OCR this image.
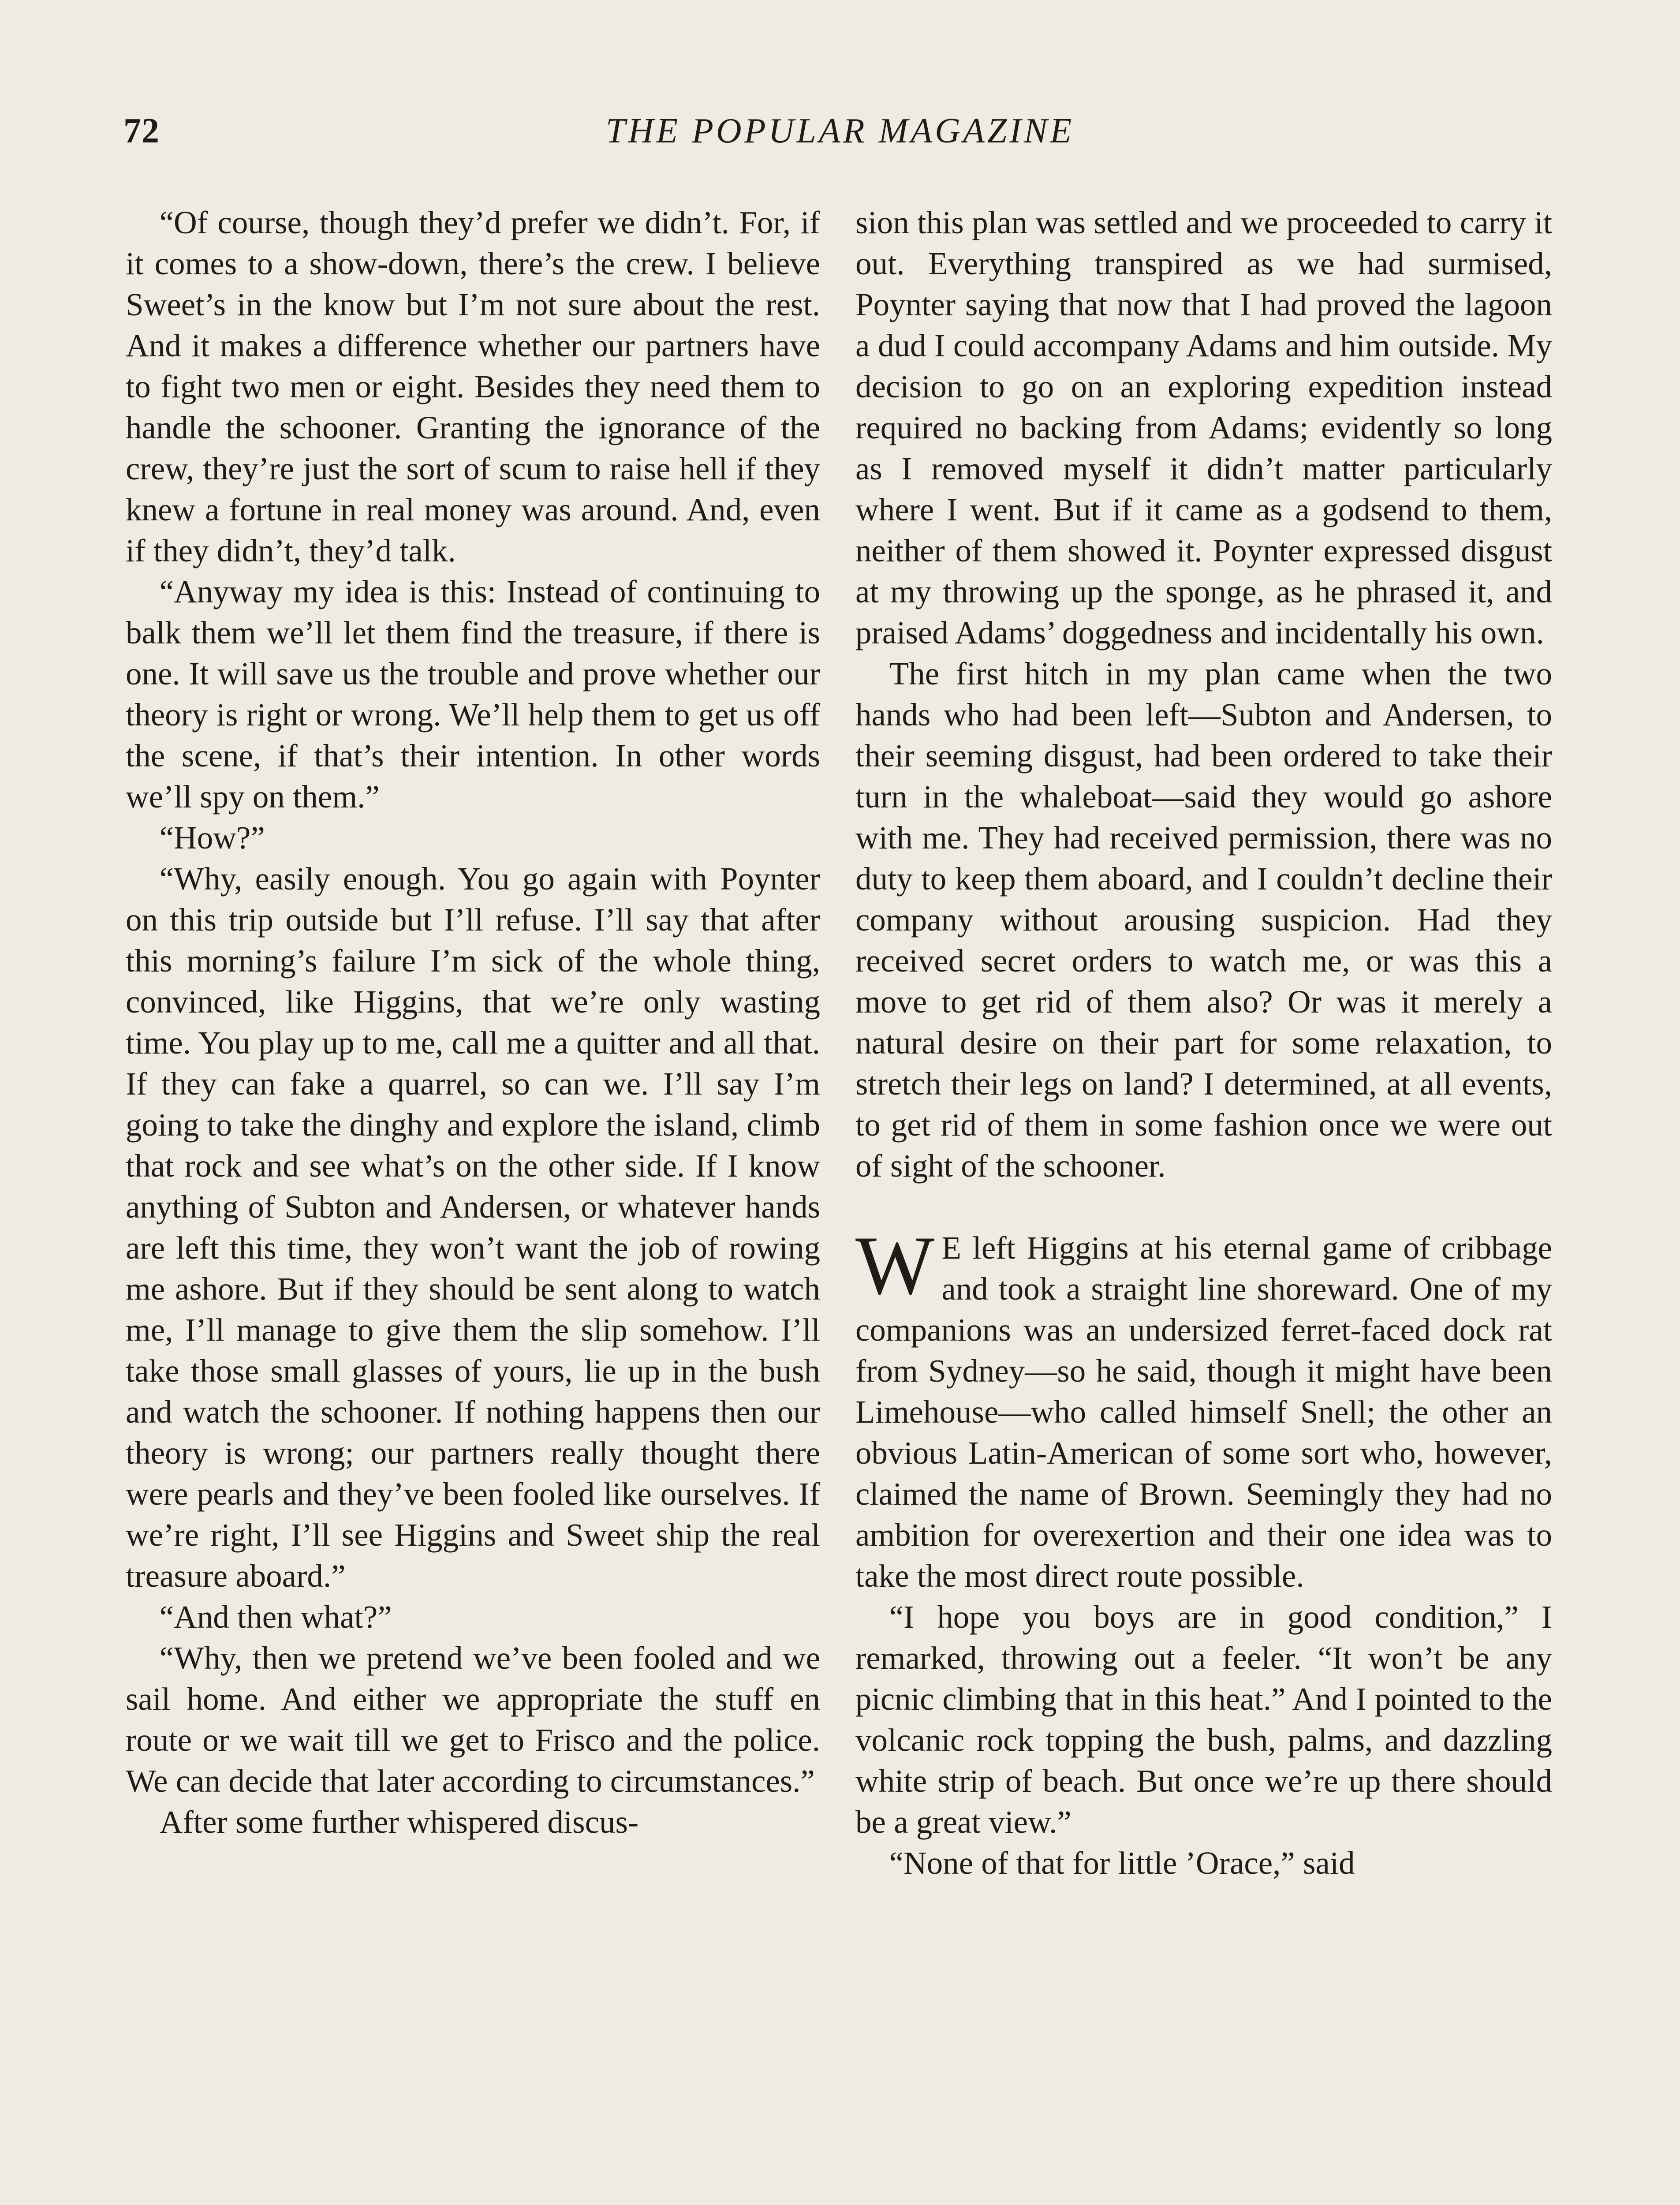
72	THE POPULAR MAGAZINE

“Of course, though they’d prefer we didn’t. For, if it comes to a show-down, there’s the crew. I believe Sweet’s in the know but I’m not sure about the rest. And it makes a difference whether our partners have to fight two men or eight. Besides they need them to handle the schooner. Granting the ignorance of the crew, they’re just the sort of scum to raise hell if they knew a fortune in real money was around. And, even if they didn’t, they’d talk.

“Anyway my idea is this: Instead of continuing to balk them we’ll let them find the treasure, if there is one. It will save us the trouble and prove whether our theory is right or wrong. We’ll help them to get us off the scene, if that’s their intention. In other words we’ll spy on them.”

“How?”

“Why, easily enough. You go again with Poynter on this trip outside but I’ll refuse. I’ll say that after this morning’s failure I’m sick of the whole thing, convinced, like Higgins, that we’re only wasting time. You play up to me, call me a quitter and all that. If they can fake a quarrel, so can we. I’ll say I’m going to take the dinghy and explore the island, climb that rock and see what’s on the other side. If I know anything of Subton and Andersen, or whatever hands are left this time, they won’t want the job of rowing me ashore. But if they should be sent along to watch me, I’ll manage to give them the slip somehow. I’ll take those small glasses of yours, lie up in the bush and watch the schooner. If nothing happens then our theory is wrong; our partners really thought there were pearls and they’ve been fooled like ourselves. If we’re right, I’ll see Higgins and Sweet ship the real treasure aboard.”

“And then what?”

“Why, then we pretend we’ve been fooled and we sail home. And either we appropriate the stuff en route or we wait till we get to Frisco and the police. We can decide that later according to circumstances.”

After some further whispered discus-

sion this plan was settled and we proceeded to carry it out. Everything transpired as we had surmised, Poynter saying that now that I had proved the lagoon a dud I could accompany Adams and him outside. My decision to go on an exploring expedition instead required no backing from Adams; evidently so long as I removed myself it didn’t matter particularly where I went. But if it came as a godsend to them, neither of them showed it. Poynter expressed disgust at my throwing up the sponge, as he phrased it, and praised Adams’ doggedness and incidentally his own.

The first hitch in my plan came when the two hands who had been left—Subton and Andersen, to their seeming disgust, had been ordered to take their turn in the whaleboat—said they would go ashore with me. They had received permission, there was no duty to keep them aboard, and I couldn’t decline their company without arousing suspicion. Had they received secret orders to watch me, or was this a move to get rid of them also? Or was it merely a natural desire on their part for some relaxation, to stretch their legs on land? I determined, at all events, to get rid of them in some fashion once we were out of sight of the schooner.

W E left Higgins at his eternal game of cribbage and took a straight line shoreward. One of my companions was an undersized ferret-faced dock rat from Sydney—so he said, though it might have been Limehouse—who called himself Snell; the other an obvious Latin-American of some sort who, however, claimed the name of Brown. Seemingly they had no ambition for overexertion and their one idea was to take the most direct route possible.

“I hope you boys are in good condition,” I remarked, throwing out a feeler. “It won’t be any picnic climbing that in this heat.” And I pointed to the volcanic rock topping the bush, palms, and dazzling white strip of beach. But once we’re up there should be a great view.”

“None of that for little ’Orace,” said
